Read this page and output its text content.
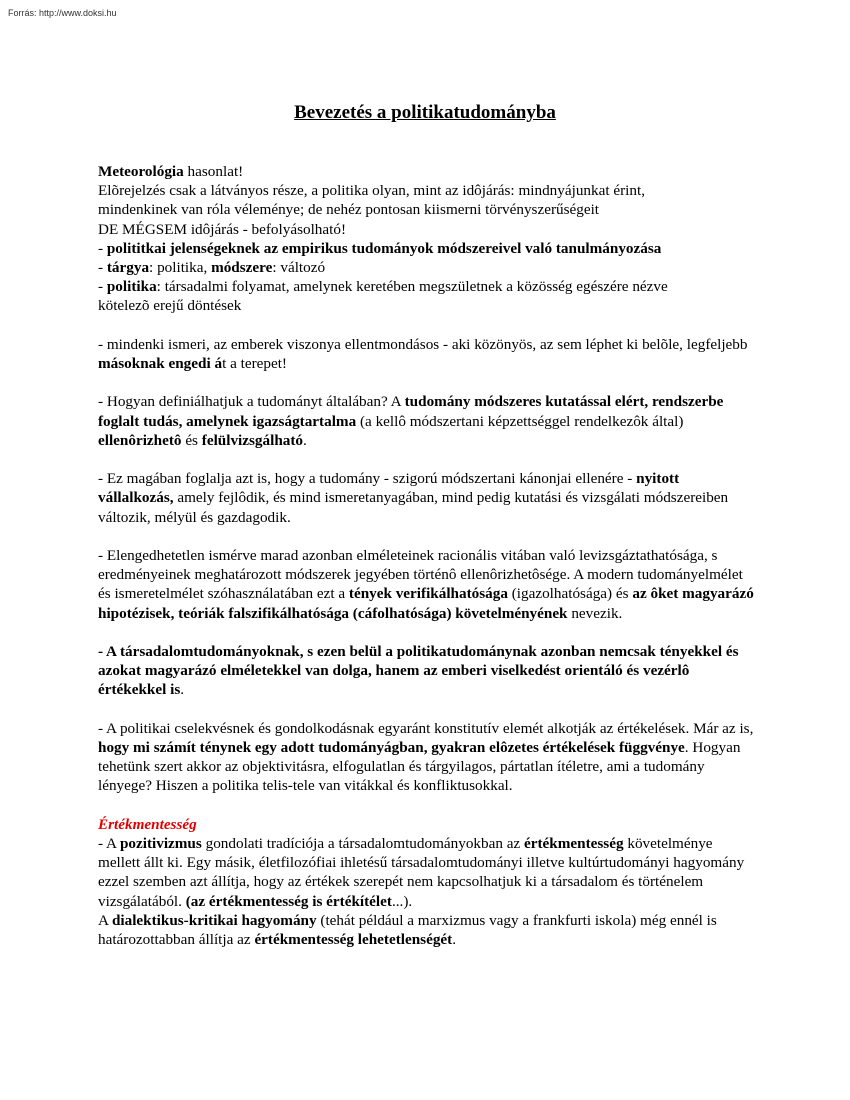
Forrás: http://www.doksi.hu
Bevezetés a politikatudományba

Meteorológia hasonlat!

Elõrejelzés csak a látványos része, a politika olyan, mint az idôjárás: mindnyájunkat érint,

mindenkinek van róla véleménye; de nehéz pontosan kiismerni törvényszerűségeit

DE MÉGSEM idôjárás - befolyásolható!

- polititkai jelenségeknek az empirikus tudományok módszereivel való tanulmányozása

- tárgya: politika, módszere: változó

- politika: társadalmi folyamat, amelynek keretében megszületnek a közösség egészére nézve

kötelezõ erejű döntések

- mindenki ismeri, az emberek viszonya ellentmondásos - aki közönyös, az sem léphet ki belõle, legfeljebb másoknak engedi át a terepet!

- Hogyan definiálhatjuk a tudományt általában? A tudomány módszeres kutatással elért, rendszerbe foglalt tudás, amelynek igazságtartalma (a kellô módszertani képzettséggel rendelkezôk által) ellenôrizhetô és felülvizsgálható.

- Ez magában foglalja azt is, hogy a tudomány - szigorú módszertani kánonjai ellenére - nyitott vállalkozás, amely fejlôdik, és mind ismeretanyagában, mind pedig kutatási és vizsgálati módszereiben változik, mélyül és gazdagodik.

- Elengedhetetlen ismérve marad azonban elméleteinek racionális vitában való levizsgáztathatósága, s eredményeinek meghatározott módszerek jegyében történô ellenôrizhetôsége. A modern tudományelmélet és ismeretelmélet szóhasználatában ezt a tények verifikálhatósága (igazolhatósága) és az ôket magyarázó hipotézisek, teóriák falszifikálhatósága (cáfolhatósága) követelményének nevezik.

- A társadalomtudományoknak, s ezen belül a politikatudománynak azonban nemcsak tényekkel és azokat magyarázó elméletekkel van dolga, hanem az emberi viselkedést orientáló és vezérlô értékekkel is.

- A politikai cselekvésnek és gondolkodásnak egyaránt konstitutív elemét alkotják az értékelések. Már az is, hogy mi számít ténynek egy adott tudományágban, gyakran elôzetes értékelések függvénye. Hogyan tehetünk szert akkor az objektivitásra, elfogulatlan és tárgyilagos, pártatlan ítéletre, ami a tudomány lényege? Hiszen a politika telis-tele van vitákkal és konfliktusokkal.

Értékmentesség

- A pozitivizmus gondolati tradíciója a társadalomtudományokban az értékmentesség követelménye mellett állt ki. Egy másik, életfilozófiai ihletésű társadalomtudományi illetve kultúrtudományi hagyomány ezzel szemben azt állítja, hogy az értékek szerepét nem kapcsolhatjuk ki a társadalom és történelem vizsgálatából. (az értékmentesség is értékítélet...).

A dialektikus-kritikai hagyomány (tehát például a marxizmus vagy a frankfurti iskola) még ennél is határozottabban állítja az értékmentesség lehetetlenségét.
